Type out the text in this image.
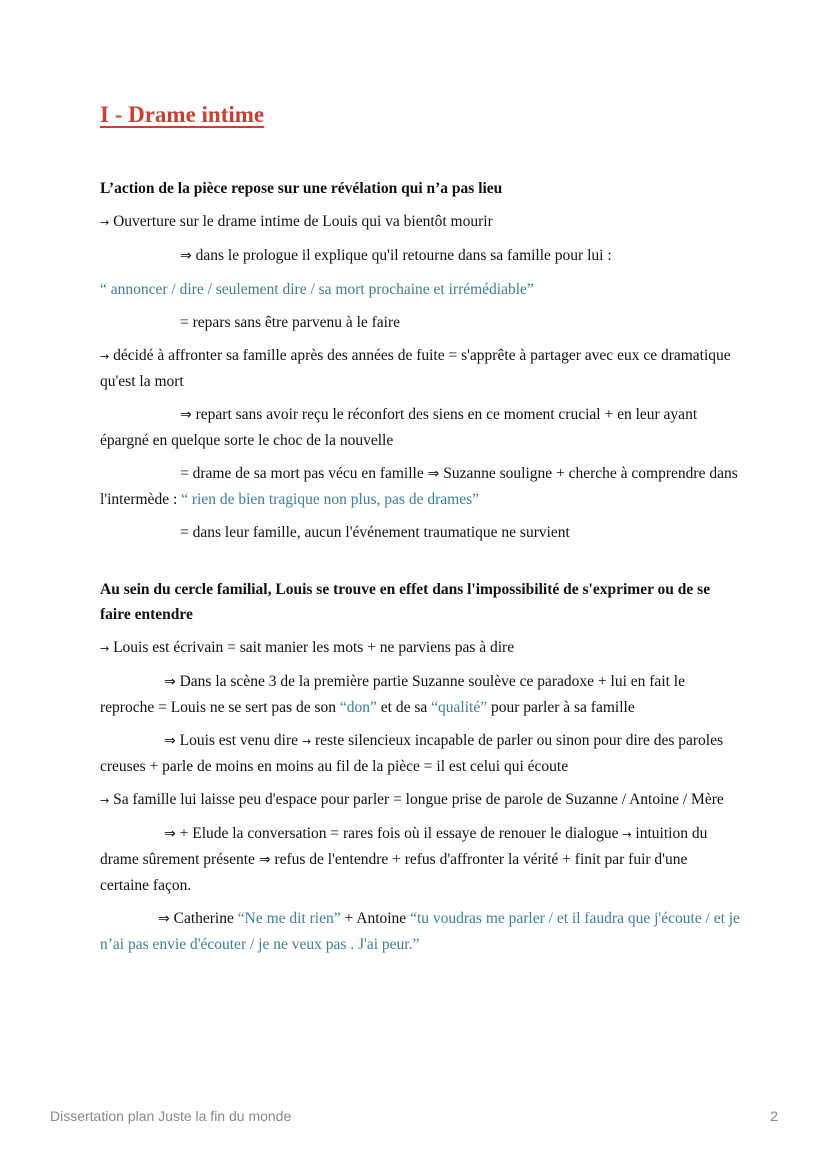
I - Drame intime

L’action de la pièce repose sur une révélation qui n’a pas lieu

→ Ouverture sur le drame intime de Louis qui va bientôt mourir

⇒ dans le prologue il explique qu'il retourne dans sa famille pour lui :

“ annoncer / dire / seulement dire / sa mort prochaine et irrémédiable”

= repars sans être parvenu à le faire

→ décidé à affronter sa famille après des années de fuite = s'apprête à partager avec eux ce dramatique qu'est la mort

⇒ repart sans avoir reçu le réconfort des siens en ce moment crucial + en leur ayant épargné en quelque sorte le choc de la nouvelle

= drame de sa mort pas vécu en famille ⇒ Suzanne souligne + cherche à comprendre dans l'intermède : “ rien de bien tragique non plus, pas de drames”

= dans leur famille, aucun l'événement traumatique ne survient

Au sein du cercle familial, Louis se trouve en effet dans l'impossibilité de s'exprimer ou de se faire entendre

→ Louis est écrivain = sait manier les mots + ne parviens pas à dire

⇒ Dans la scène 3 de la première partie Suzanne soulève ce paradoxe + lui en fait le reproche = Louis ne se sert pas de son “don” et de sa “qualité” pour parler à sa famille

⇒ Louis est venu dire → reste silencieux incapable de parler ou sinon pour dire des paroles creuses + parle de moins en moins au fil de la pièce = il est celui qui écoute

→ Sa famille lui laisse peu d'espace pour parler = longue prise de parole de Suzanne / Antoine / Mère

⇒ + Elude la conversation = rares fois où il essaye de renouer le dialogue → intuition du drame sûrement présente ⇒ refus de l'entendre + refus d'affronter la vérité + finit par fuir d'une certaine façon.

⇒ Catherine “Ne me dit rien” + Antoine “tu voudras me parler / et il faudra que j'écoute / et je n’ai pas envie d'écouter / je ne veux pas . J'ai peur.”

Dissertation plan Juste la fin du monde	2
